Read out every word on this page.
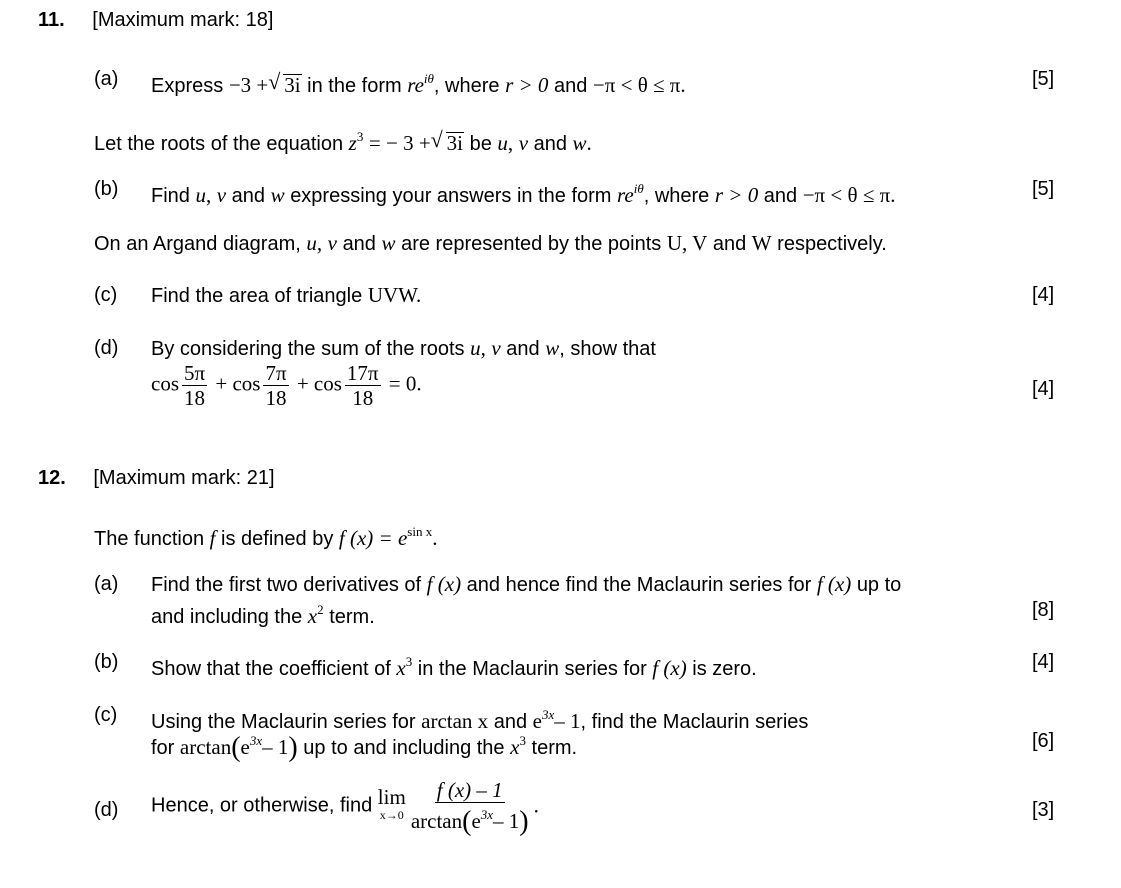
11. [Maximum mark: 18]
(a) Express −3 + √ 3i in the form $re^{i\theta}$, where r > 0 and −π < θ ≤ π.	[5]
Let the roots of the equation $z^3$ = − 3 + √ 3i be u, v and w.
(b) Find u, v and w expressing your answers in the form $re^{i\theta}$, where r > 0 and −π < θ ≤ π.	[5]
On an Argand diagram, u, v and w are represented by the points U, V and W respectively.
(c) Find the area of triangle UVW.	[4]
(d) By considering the sum of the roots u, v and w, show that
$\cos \frac{5\pi}{18} + \cos \frac{7\pi}{18} + \cos \frac{17\pi}{18} = 0$.	[4]
12. [Maximum mark: 21]
The function f is defined by f $(x) = e^{sin x}$.
(a) Find the first two derivatives of f (x) and hence find the Maclaurin series for f (x) up to
and including the $x^2$ term.	[8]
(b) Show that the coefficient of $x^3$ in the Maclaurin series for f (x) is zero.	[4]
(c) Using the Maclaurin series for arctan x and $e^{3x}-$ 1, find the Maclaurin series
for $\arctan(e^{3x}-$ 1) up to and including the $x^3$ term.	[6]
(d) Hence, or otherwise, find lim
$x\to 0 \frac{f (x) - 1}{\arctan(e^{3x}- 1)}$ .	[3]
